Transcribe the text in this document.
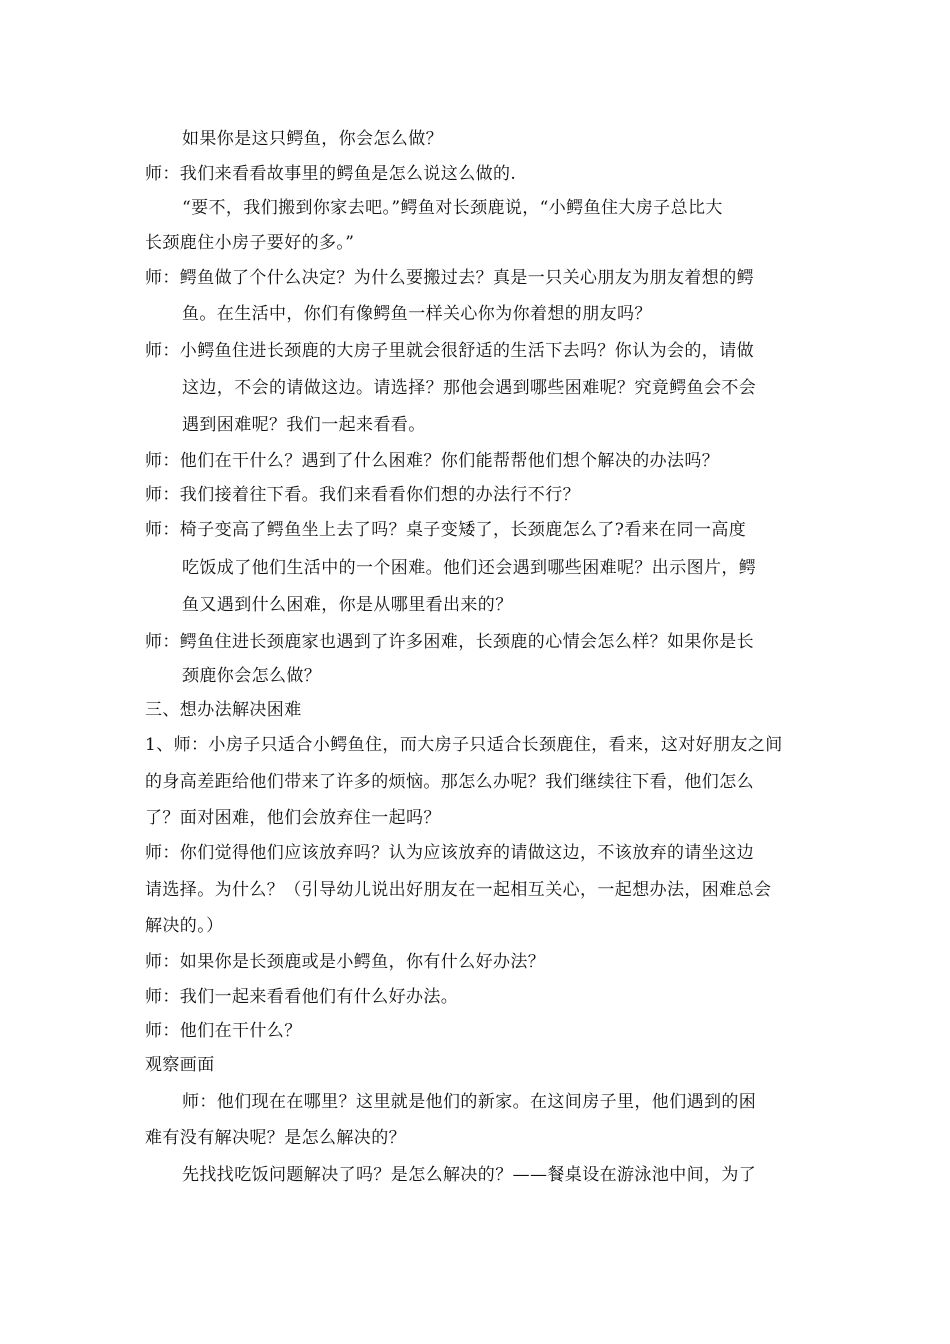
如果你是这只鳄鱼，你会怎么做？
师：我们来看看故事里的鳄鱼是怎么说这么做的.
“要不，我们搬到你家去吧。”鳄鱼对长颈鹿说，“小鳄鱼住大房子总比大
长颈鹿住小房子要好的多。”
师：鳄鱼做了个什么决定？为什么要搬过去？真是一只关心朋友为朋友着想的鳄
鱼。在生活中，你们有像鳄鱼一样关心你为你着想的朋友吗？
师：小鳄鱼住进长颈鹿的大房子里就会很舒适的生活下去吗？你认为会的，请做
这边，不会的请做这边。请选择？那他会遇到哪些困难呢？究竟鳄鱼会不会
遇到困难呢？我们一起来看看。
师：他们在干什么？遇到了什么困难？你们能帮帮他们想个解决的办法吗？
师：我们接着往下看。我们来看看你们想的办法行不行？
师：椅子变高了鳄鱼坐上去了吗？桌子变矮了，长颈鹿怎么了?看来在同一高度
吃饭成了他们生活中的一个困难。他们还会遇到哪些困难呢？出示图片，鳄
鱼又遇到什么困难，你是从哪里看出来的？
师：鳄鱼住进长颈鹿家也遇到了许多困难，长颈鹿的心情会怎么样？如果你是长
颈鹿你会怎么做？
三、想办法解决困难
1、师：小房子只适合小鳄鱼住，而大房子只适合长颈鹿住，看来，这对好朋友之间
的身高差距给他们带来了许多的烦恼。那怎么办呢？我们继续往下看，他们怎么
了？面对困难，他们会放弃住一起吗？
师：你们觉得他们应该放弃吗？认为应该放弃的请做这边，不该放弃的请坐这边
请选择。为什么？（引导幼儿说出好朋友在一起相互关心，一起想办法，困难总会
解决的。）
师：如果你是长颈鹿或是小鳄鱼，你有什么好办法？
师：我们一起来看看他们有什么好办法。
师：他们在干什么？
观察画面
师：他们现在在哪里？这里就是他们的新家。在这间房子里，他们遇到的困
难有没有解决呢？是怎么解决的？
先找找吃饭问题解决了吗？是怎么解决的？——餐桌设在游泳池中间，为了
